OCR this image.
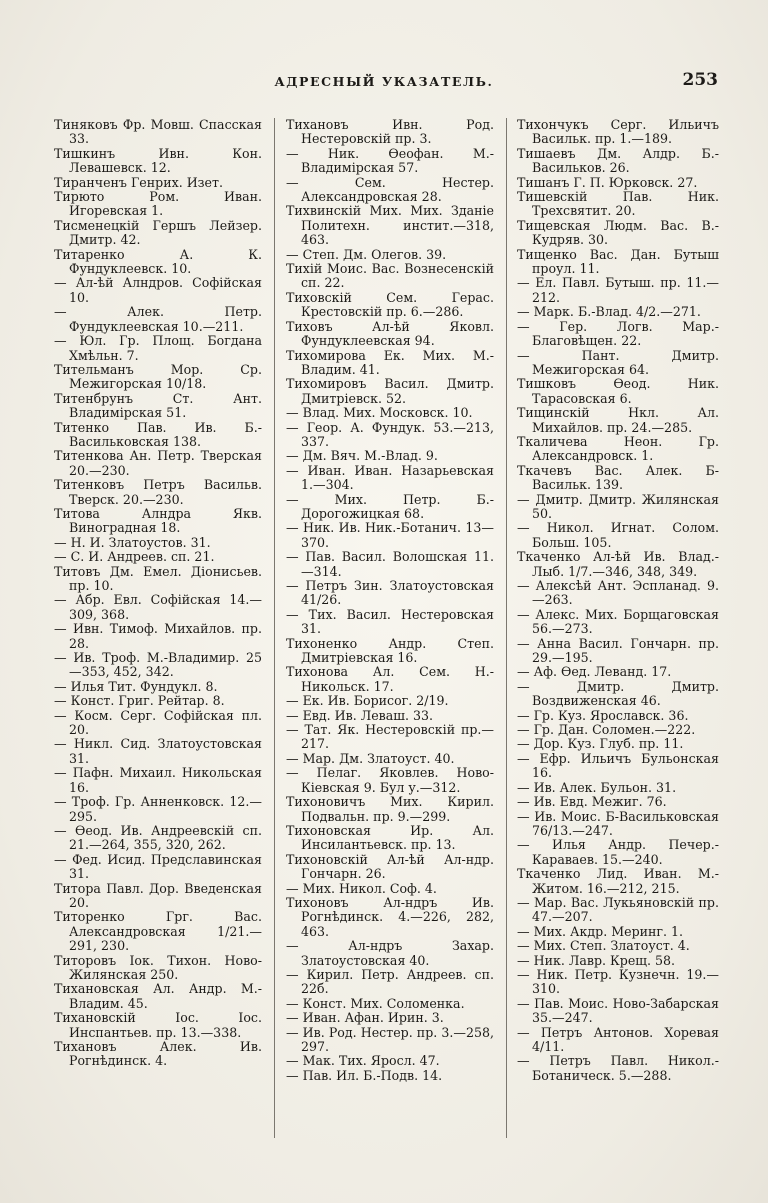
АДРЕСНЫЙ УКАЗАТЕЛЬ.	253
Тиняковъ Фр. Мовш. Спасская 33.
Тишкинъ Ивн. Кон. Левашевск. 12.
Тиранченъ Генрих. Изет.
Тирюто Ром. Иван. Игоревская 1.
Тисменецкій Гершъ Лейзер. Дмитр. 42.
Титаренко А. К. Фундуклеевск. 10.
— Ал-ѣй Алндров. Софійская 10.
— Алек. Петр. Фундуклеевская 10.—211.
— Юл. Гр. Площ. Богдана Хмѣльн. 7.
Тительманъ Мор. Ср. Межигорская 10/18.
Титенбрунъ Ст. Ант. Владимірская 51.
Титенко Пав. Ив. Б.-Васильковская 138.
Титенкова Ан. Петр. Тверская 20.—230.
Титенковъ Петръ Васильв. Тверск. 20.—230.
Титова Алндра Якв. Виноградная 18.
— Н. И. Златоустов. 31.
— С. И. Андреев. сп. 21.
Титовъ Дм. Емел. Діонисьев. пр. 10.
— Абр. Евл. Софійская 14.—309, 368.
— Ивн. Тимоф. Михайлов. пр. 28.
— Ив. Троф. М.-Владимир. 25—353, 452, 342.
— Илья Тит. Фундукл. 8.
— Конст. Григ. Рейтар. 8.
— Косм. Серг. Софійская пл. 20.
— Никл. Сид. Златоустовская 31.
— Пафн. Михаил. Никольская 16.
— Троф. Гр. Анненковск. 12.—295.
— Өеод. Ив. Андреевскій сп. 21.—264, 355, 320, 262.
— Фед. Исид. Предславинская 31.
Титора Павл. Дор. Введенская 20.
Титоренко Грг. Вас. Александровская 1/21.—291, 230.
Титоровъ Іок. Тихон. Ново-Жилянская 250.
Тихановская Ал. Андр. М.-Владим. 45.
Тихановскій Іос. Іос. Инспантьев. пр. 13.—338.
Тихановъ Алек. Ив. Рогнѣдинск. 4.
Тихановъ Ивн. Род. Нестеровскій пр. 3.
— Ник. Өеофан. М.-Владимірская 57.
— Сем. Нестер. Александровская 28.
Тихвинскій Мих. Мих. Зданіе Политехн. инстит.—318, 463.
— Степ. Дм. Олегов. 39.
Тихій Моис. Вас. Вознесенскій сп. 22.
Тиховскій Сем. Герас. Крестовскій пр. 6.—286.
Тиховъ Ал-ѣй Яковл. Фундуклеевская 94.
Тихомирова Ек. Мих. М.-Владим. 41.
Тихомировъ Васил. Дмитр. Дмитріевск. 52.
— Влад. Мих. Московск. 10.
— Геор. А. Фундук. 53.—213, 337.
— Дм. Вяч. М.-Влад. 9.
— Иван. Иван. Назарьевская 1.—304.
— Мих. Петр. Б.-Дорогожицкая 68.
— Ник. Ив. Ник.-Ботанич. 13—370.
— Пав. Васил. Волошская 11.—314.
— Петръ Зин. Златоустовская 41/26.
— Тих. Васил. Нестеровская 31.
Тихоненко Андр. Степ. Дмитріевская 16.
Тихонова Ал. Сем. Н.-Никольск. 17.
— Ек. Ив. Борисог. 2/19.
— Евд. Ив. Леваш. 33.
— Тат. Як. Нестеровскій пр.—217.
— Мар. Дм. Златоуст. 40.
— Пелаг. Яковлев. Ново-Кіевская 9. Бул у.—312.
Тихоновичъ Мих. Кирил. Подвальн. пр. 9.—299.
Тихоновская Ир. Ал. Инсилантьевск. пр. 13.
Тихоновскій Ал-ѣй Ал-ндр. Гончарн. 26.
— Мих. Никол. Соф. 4.
Тихоновъ Ал-ндръ Ив. Рогнѣдинск. 4.—226, 282, 463.
— Ал-ндръ Захар. Златоустовская 40.
— Кирил. Петр. Андреев. сп. 22б.
— Конст. Мих. Соломенка.
— Иван. Афан. Ирин. 3.
— Ив. Род. Нестер. пр. 3.—258, 297.
— Мак. Тих. Яросл. 47.
— Пав. Ил. Б.-Подв. 14.
Тихончукъ Серг. Ильичъ Васильк. пр. 1.—189.
Тишаевъ Дм. Алдр. Б.-Васильков. 26.
Тишанъ Г. П. Юрковск. 27.
Тишевскій Пав. Ник. Трехсвятит. 20.
Тищевская Людм. Вас. В.-Кудряв. 30.
Тищенко Вас. Дан. Бутыш проул. 11.
— Ел. Павл. Бутыш. пр. 11.—212.
— Марк. Б.-Влад. 4/2.—271.
— Гер. Логв. Мар.-Благовѣщен. 22.
— Пант. Дмитр. Межигорская 64.
Тишковъ Өеод. Ник. Тарасовская 6.
Тищинскій Нкл. Ал. Михайлов. пр. 24.—285.
Ткаличева Неон. Гр. Александровск. 1.
Ткачевъ Вас. Алек. Б-Васильк. 139.
— Дмитр. Дмитр. Жилянская 50.
— Никол. Игнат. Солом. Больш. 105.
Ткаченко Ал-ѣй Ив. Влад.-Лыб. 1/7.—346, 348, 349.
— Алексѣй Ант. Эспланад. 9.—263.
— Алекс. Мих. Борщаговская 56.—273.
— Анна Васил. Гончарн. пр. 29.—195.
— Аф. Өед. Леванд. 17.
— Дмитр. Дмитр. Воздвиженская 46.
— Гр. Куз. Ярославск. 36.
— Гр. Дан. Соломен.—222.
— Дор. Куз. Глуб. пр. 11.
— Ефр. Ильичъ Бульонская 16.
— Ив. Алек. Бульон. 31.
— Ив. Евд. Межиг. 76.
— Ив. Моис. Б-Васильковская 76/13.—247.
— Илья Андр. Печер.-Караваев. 15.—240.
Ткаченко Лид. Иван. М.-Житом. 16.—212, 215.
— Мар. Вас. Лукьяновскій пр. 47.—207.
— Мих. Акдр. Меринг. 1.
— Мих. Степ. Златоуст. 4.
— Ник. Лавр. Крещ. 58.
— Ник. Петр. Кузнечн. 19.—310.
— Пав. Моис. Ново-Забарская 35.—247.
— Петръ Антонов. Хоревая 4/11.
— Петръ Павл. Никол.-Ботаническ. 5.—288.
